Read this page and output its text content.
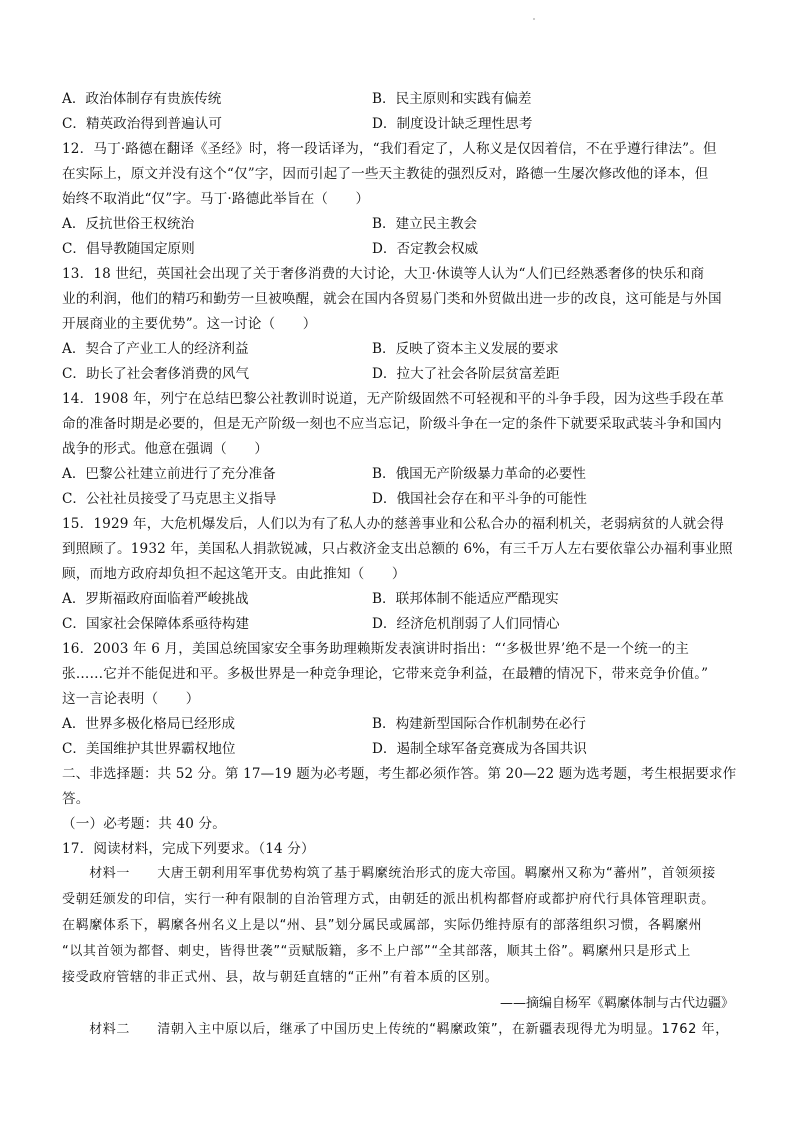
A．政治体制存有贵族传统	B．民主原则和实践有偏差
C．精英政治得到普遍认可	D．制度设计缺乏理性思考
12．马丁·路德在翻译《圣经》时，将一段话译为，“我们看定了，人称义是仅因着信，不在乎遵行律法”。但
在实际上，原文并没有这个“仅”字，因而引起了一些天主教徒的强烈反对，路德一生屡次修改他的译本，但
始终不取消此“仅”字。马丁·路德此举旨在（　　）
A．反抗世俗王权统治	B．建立民主教会
C．倡导教随国定原则	D．否定教会权威
13．18 世纪，英国社会出现了关于奢侈消费的大讨论，大卫·休谟等人认为“人们已经熟悉奢侈的快乐和商
业的利润，他们的精巧和勤劳一旦被唤醒，就会在国内各贸易门类和外贸做出进一步的改良，这可能是与外国
开展商业的主要优势”。这一讨论（　　）
A．契合了产业工人的经济利益	B．反映了资本主义发展的要求
C．助长了社会奢侈消费的风气	D．拉大了社会各阶层贫富差距
14．1908 年，列宁在总结巴黎公社教训时说道，无产阶级固然不可轻视和平的斗争手段，因为这些手段在革
命的准备时期是必要的，但是无产阶级一刻也不应当忘记，阶级斗争在一定的条件下就要采取武装斗争和国内
战争的形式。他意在强调（　　）
A．巴黎公社建立前进行了充分准备	B．俄国无产阶级暴力革命的必要性
C．公社社员接受了马克思主义指导	D．俄国社会存在和平斗争的可能性
15．1929 年，大危机爆发后，人们以为有了私人办的慈善事业和公私合办的福利机关，老弱病贫的人就会得
到照顾了。1932 年，美国私人捐款锐减，只占救济金支出总额的 6%，有三千万人左右要依靠公办福利事业照
顾，而地方政府却负担不起这笔开支。由此推知（　　）
A．罗斯福政府面临着严峻挑战	B．联邦体制不能适应严酷现实
C．国家社会保障体系亟待构建	D．经济危机削弱了人们同情心
16．2003 年 6 月，美国总统国家安全事务助理赖斯发表演讲时指出：“‘多极世界’绝不是一个统一的主
张……它并不能促进和平。多极世界是一种竞争理论，它带来竞争利益，在最糟的情况下，带来竞争价值。”
这一言论表明（　　）
A．世界多极化格局已经形成	B．构建新型国际合作机制势在必行
C．美国维护其世界霸权地位	D．遏制全球军备竞赛成为各国共识
二、非选择题：共 52 分。第 17—19 题为必考题，考生都必须作答。第 20—22 题为选考题，考生根据要求作
答。
（一）必考题：共 40 分。
17．阅读材料，完成下列要求。（14 分）
　　材料一　　大唐王朝利用军事优势构筑了基于羁縻统治形式的庞大帝国。羁縻州又称为“蕃州”，首领须接
受朝廷颁发的印信，实行一种有限制的自治管理方式，由朝廷的派出机构都督府或都护府代行具体管理职责。
在羁縻体系下，羁縻各州名义上是以“州、县”划分属民或属部，实际仍维持原有的部落组织习惯，各羁縻州
“以其首领为都督、刺史，皆得世袭”“贡赋版籍，多不上户部”“全其部落，顺其土俗”。羁縻州只是形式上
接受政府管辖的非正式州、县，故与朝廷直辖的“正州”有着本质的区别。
——摘编自杨军《羁縻体制与古代边疆》
　　材料二　　清朝入主中原以后，继承了中国历史上传统的“羁縻政策”，在新疆表现得尤为明显。1762 年，
